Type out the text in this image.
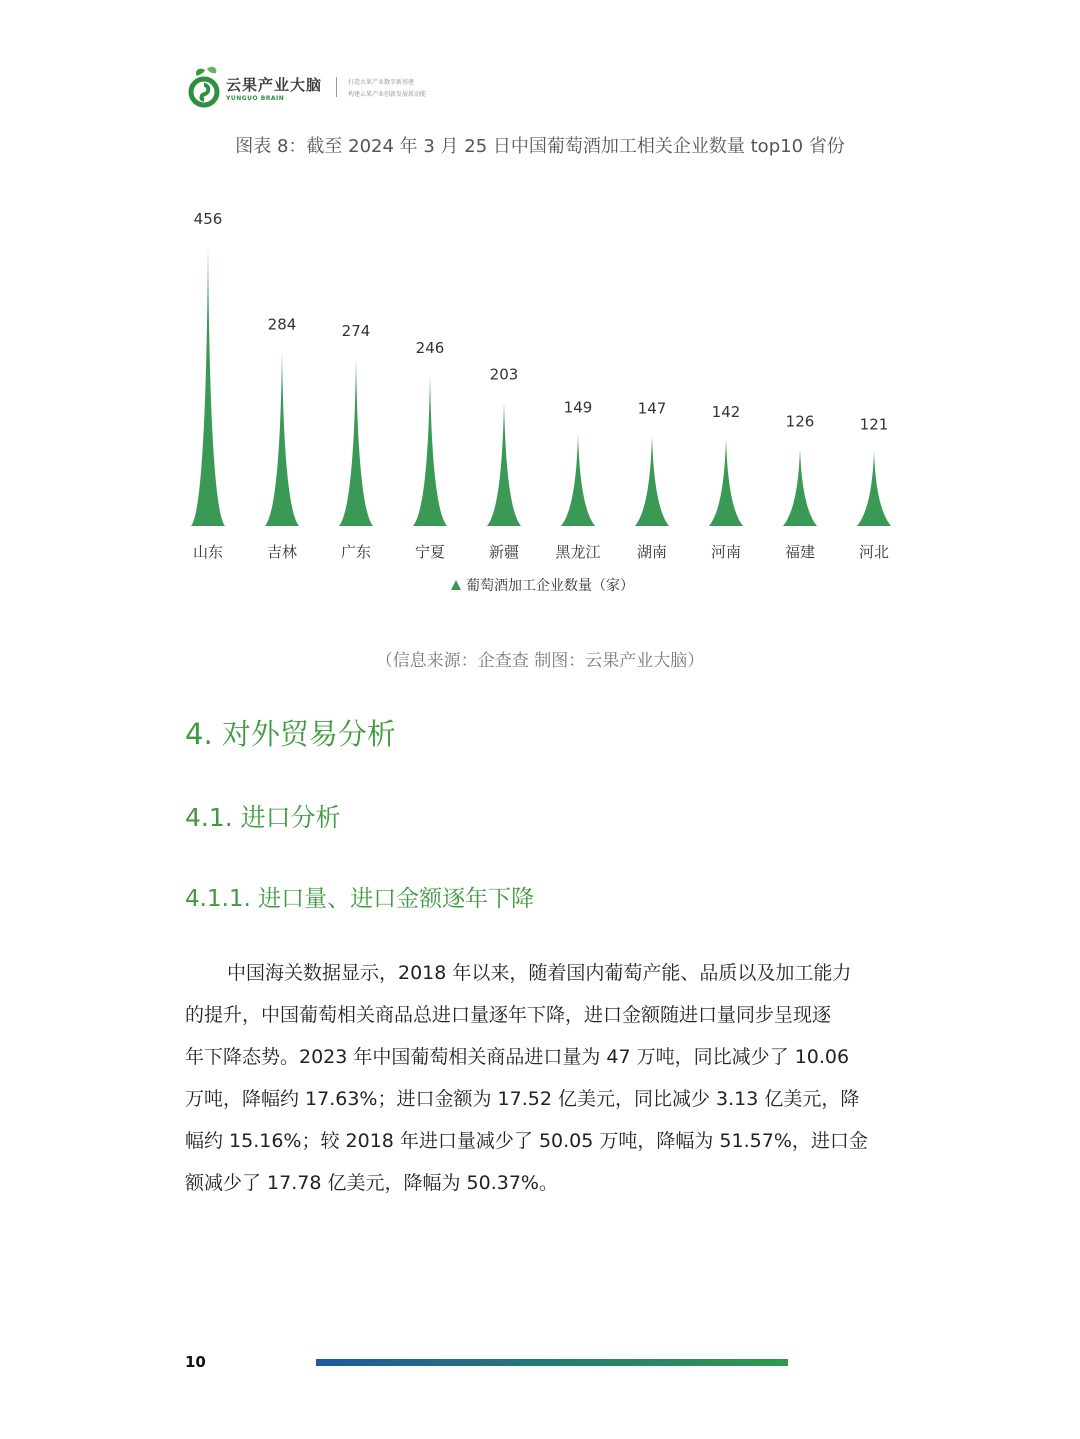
云果产业大脑
YUNGUO BRAIN
打造水果产业数字新基建
构建云果产业创新发展新动能
图表 8：截至 2024 年 3 月 25 日中国葡萄酒加工相关企业数量 top10 省份
456
山东
284
吉林
274
广东
246
宁夏
203
新疆
149
黑龙江
147
湖南
142
河南
126
福建
121
河北
葡萄酒加工企业数量（家）
（信息来源：企查查 制图：云果产业大脑）
4. 对外贸易分析
4.1. 进口分析
4.1.1. 进口量、进口金额逐年下降
中国海关数据显示，2018 年以来，随着国内葡萄产能、品质以及加工能力
的提升，中国葡萄相关商品总进口量逐年下降，进口金额随进口量同步呈现逐
年下降态势。2023 年中国葡萄相关商品进口量为 47 万吨，同比减少了 10.06
万吨，降幅约 17.63%；进口金额为 17.52 亿美元，同比减少 3.13 亿美元，降
幅约 15.16%；较 2018 年进口量减少了 50.05 万吨，降幅为 51.57%，进口金
额减少了 17.78 亿美元，降幅为 50.37%。
10
